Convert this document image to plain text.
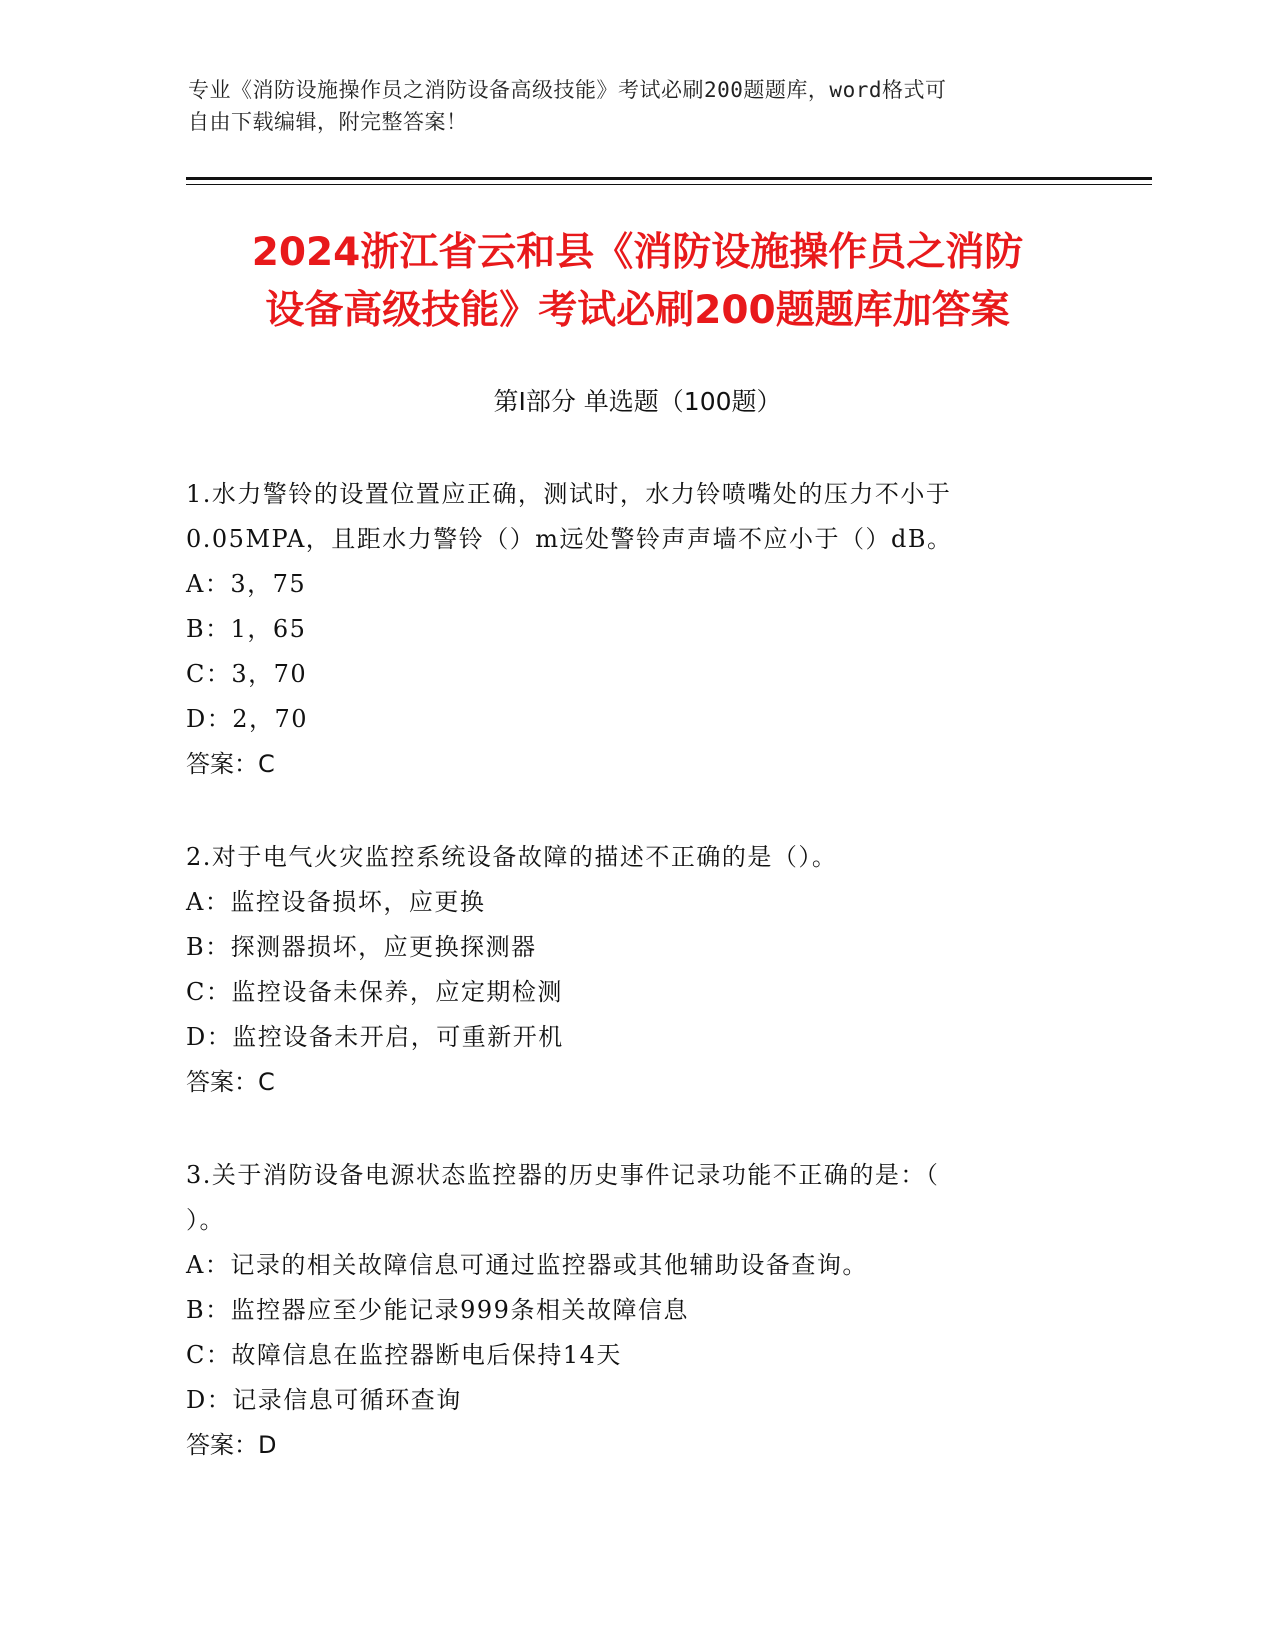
专业《消防设施操作员之消防设备高级技能》考试必刷200题题库，word格式可
自由下载编辑，附完整答案！
2024浙江省云和县《消防设施操作员之消防
设备高级技能》考试必刷200题题库加答案
第Ⅰ部分 单选题（100题）
1.水力警铃的设置位置应正确，测试时，水力铃喷嘴处的压力不小于
0.05MPA，且距水力警铃（）m远处警铃声声墙不应小于（）dB。
A：3，75
B：1，65
C：3，70
D：2，70
答案：C
2.对于电气火灾监控系统设备故障的描述不正确的是（）。
A：监控设备损坏，应更换
B：探测器损坏，应更换探测器
C：监控设备未保养，应定期检测
D：监控设备未开启，可重新开机
答案：C
3.关于消防设备电源状态监控器的历史事件记录功能不正确的是：（
）。
A：记录的相关故障信息可通过监控器或其他辅助设备查询。
B：监控器应至少能记录999条相关故障信息
C：故障信息在监控器断电后保持14天
D：记录信息可循环查询
答案：D
